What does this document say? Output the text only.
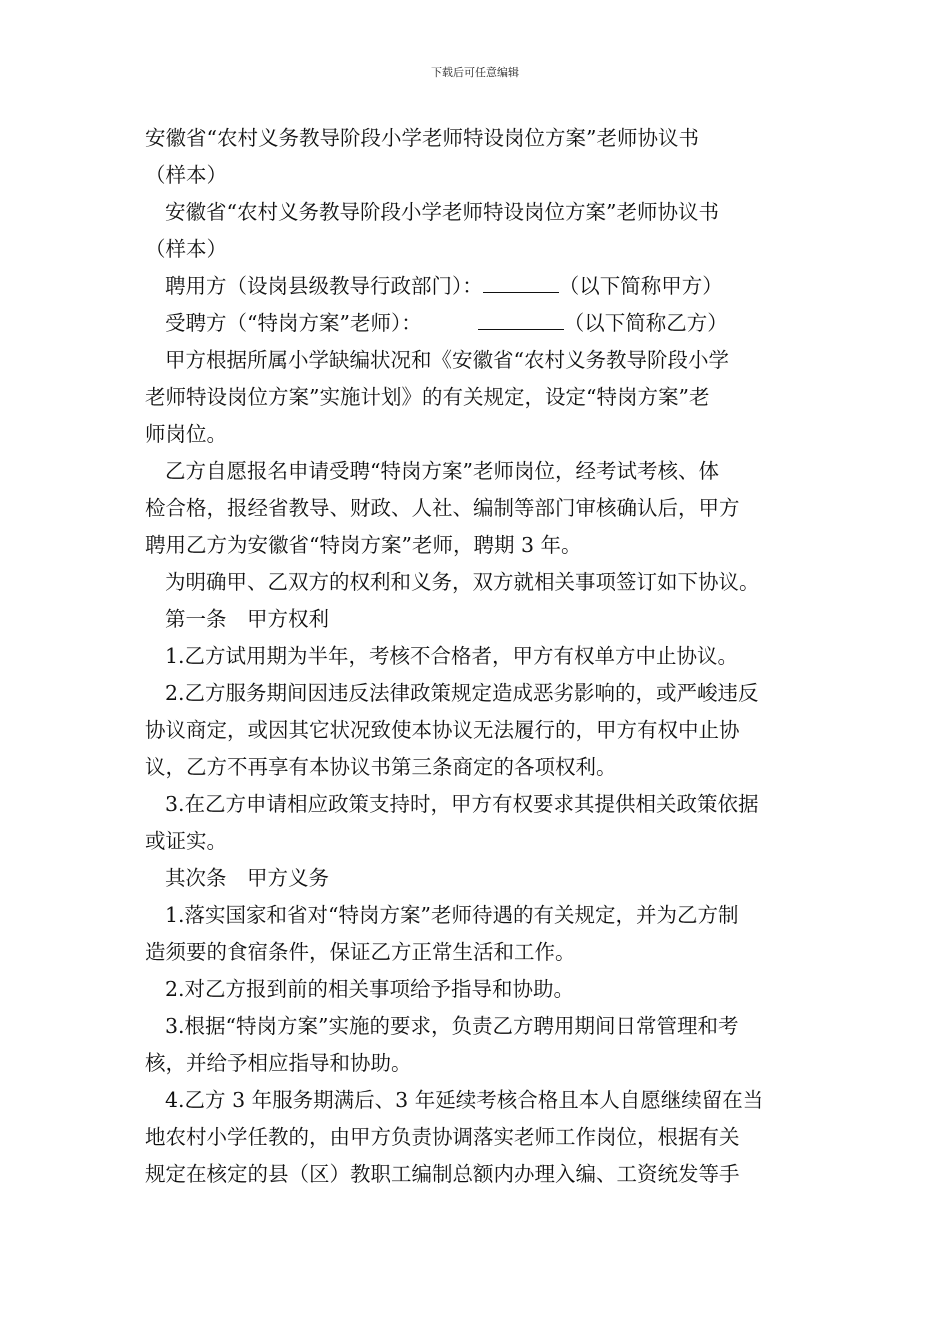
下载后可任意编辑
安徽省“农村义务教导阶段小学老师特设岗位方案”老师协议书
（样本）
安徽省“农村义务教导阶段小学老师特设岗位方案”老师协议书
（样本）
聘用方（设岗县级教导行政部门）：	（以下简称甲方）
受聘方（“特岗方案”老师）：	（以下简称乙方）
甲方根据所属小学缺编状况和《安徽省“农村义务教导阶段小学
老师特设岗位方案”实施计划》的有关规定，设定“特岗方案”老
师岗位。
乙方自愿报名申请受聘“特岗方案”老师岗位，经考试考核、体
检合格，报经省教导、财政、人社、编制等部门审核确认后，甲方
聘用乙方为安徽省“特岗方案”老师，聘期 3 年。
为明确甲、乙双方的权利和义务，双方就相关事项签订如下协议。
第一条　甲方权利
1.乙方试用期为半年，考核不合格者，甲方有权单方中止协议。
2.乙方服务期间因违反法律政策规定造成恶劣影响的，或严峻违反
协议商定，或因其它状况致使本协议无法履行的，甲方有权中止协
议，乙方不再享有本协议书第三条商定的各项权利。
3.在乙方申请相应政策支持时，甲方有权要求其提供相关政策依据
或证实。
其次条　甲方义务
1.落实国家和省对“特岗方案”老师待遇的有关规定，并为乙方制
造须要的食宿条件，保证乙方正常生活和工作。
2.对乙方报到前的相关事项给予指导和协助。
3.根据“特岗方案”实施的要求，负责乙方聘用期间日常管理和考
核，并给予相应指导和协助。
4.乙方 3 年服务期满后、3 年延续考核合格且本人自愿继续留在当
地农村小学任教的，由甲方负责协调落实老师工作岗位，根据有关
规定在核定的县（区）教职工编制总额内办理入编、工资统发等手
